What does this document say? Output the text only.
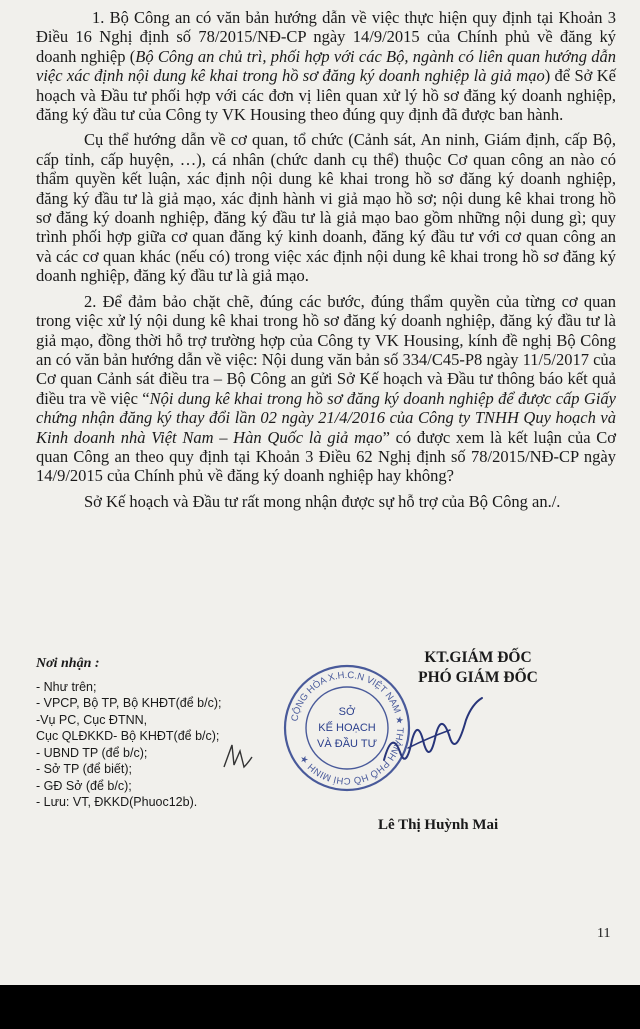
1. Bộ Công an có văn bản hướng dẫn về việc thực hiện quy định tại Khoản 3 Điều 16 Nghị định số 78/2015/NĐ-CP ngày 14/9/2015 của Chính phủ về đăng ký doanh nghiệp (Bộ Công an chủ trì, phối hợp với các Bộ, ngành có liên quan hướng dẫn việc xác định nội dung kê khai trong hồ sơ đăng ký doanh nghiệp là giả mạo) để Sở Kế hoạch và Đầu tư phối hợp với các đơn vị liên quan xử lý hồ sơ đăng ký doanh nghiệp, đăng ký đầu tư của Công ty VK Housing theo đúng quy định đã được ban hành.

Cụ thể hướng dẫn về cơ quan, tổ chức (Cảnh sát, An ninh, Giám định, cấp Bộ, cấp tỉnh, cấp huyện, …), cá nhân (chức danh cụ thể) thuộc Cơ quan công an nào có thẩm quyền kết luận, xác định nội dung kê khai trong hồ sơ đăng ký doanh nghiệp, đăng ký đầu tư là giả mạo, xác định hành vi giả mạo hồ sơ; nội dung kê khai trong hồ sơ đăng ký doanh nghiệp, đăng ký đầu tư là giả mạo bao gồm những nội dung gì; quy trình phối hợp giữa cơ quan đăng ký kinh doanh, đăng ký đầu tư với cơ quan công an và các cơ quan khác (nếu có) trong việc xác định nội dung kê khai trong hồ sơ đăng ký doanh nghiệp, đăng ký đầu tư là giả mạo.

2. Để đảm bảo chặt chẽ, đúng các bước, đúng thẩm quyền của từng cơ quan trong việc xử lý nội dung kê khai trong hồ sơ đăng ký doanh nghiệp, đăng ký đầu tư là giả mạo, đồng thời hỗ trợ trường hợp của Công ty VK Housing, kính đề nghị Bộ Công an có văn bản hướng dẫn về việc: Nội dung văn bản số 334/C45-P8 ngày 11/5/2017 của Cơ quan Cảnh sát điều tra – Bộ Công an gửi Sở Kế hoạch và Đầu tư thông báo kết quả điều tra về việc “Nội dung kê khai trong hồ sơ đăng ký doanh nghiệp để được cấp Giấy chứng nhận đăng ký thay đổi lần 02 ngày 21/4/2016 của Công ty TNHH Quy hoạch và Kinh doanh nhà Việt Nam – Hàn Quốc là giả mạo” có được xem là kết luận của Cơ quan Công an theo quy định tại Khoản 3 Điều 62 Nghị định số 78/2015/NĐ-CP ngày 14/9/2015 của Chính phủ về đăng ký doanh nghiệp hay không?

Sở Kế hoạch và Đầu tư rất mong nhận được sự hỗ trợ của Bộ Công an./.

Nơi nhận :
- Như trên;
- VPCP, Bộ TP, Bộ KHĐT(để b/c);
-Vụ PC, Cục ĐTNN,
Cục QLĐKKD- Bộ KHĐT(để b/c);
- UBND TP (để b/c);
- Sở TP (để biết);
- GĐ Sở (để b/c);
- Lưu: VT, ĐKKD(Phuoc12b).
KT.GIÁM ĐỐC
PHÓ GIÁM ĐỐC
CỘNG HÒA X.H.C.N VIỆT NAM ★ THÀNH PHỐ HỒ CHÍ MINH ★
SỞ
KẾ HOẠCH
VÀ ĐẦU TƯ
Lê Thị Huỳnh Mai
11
